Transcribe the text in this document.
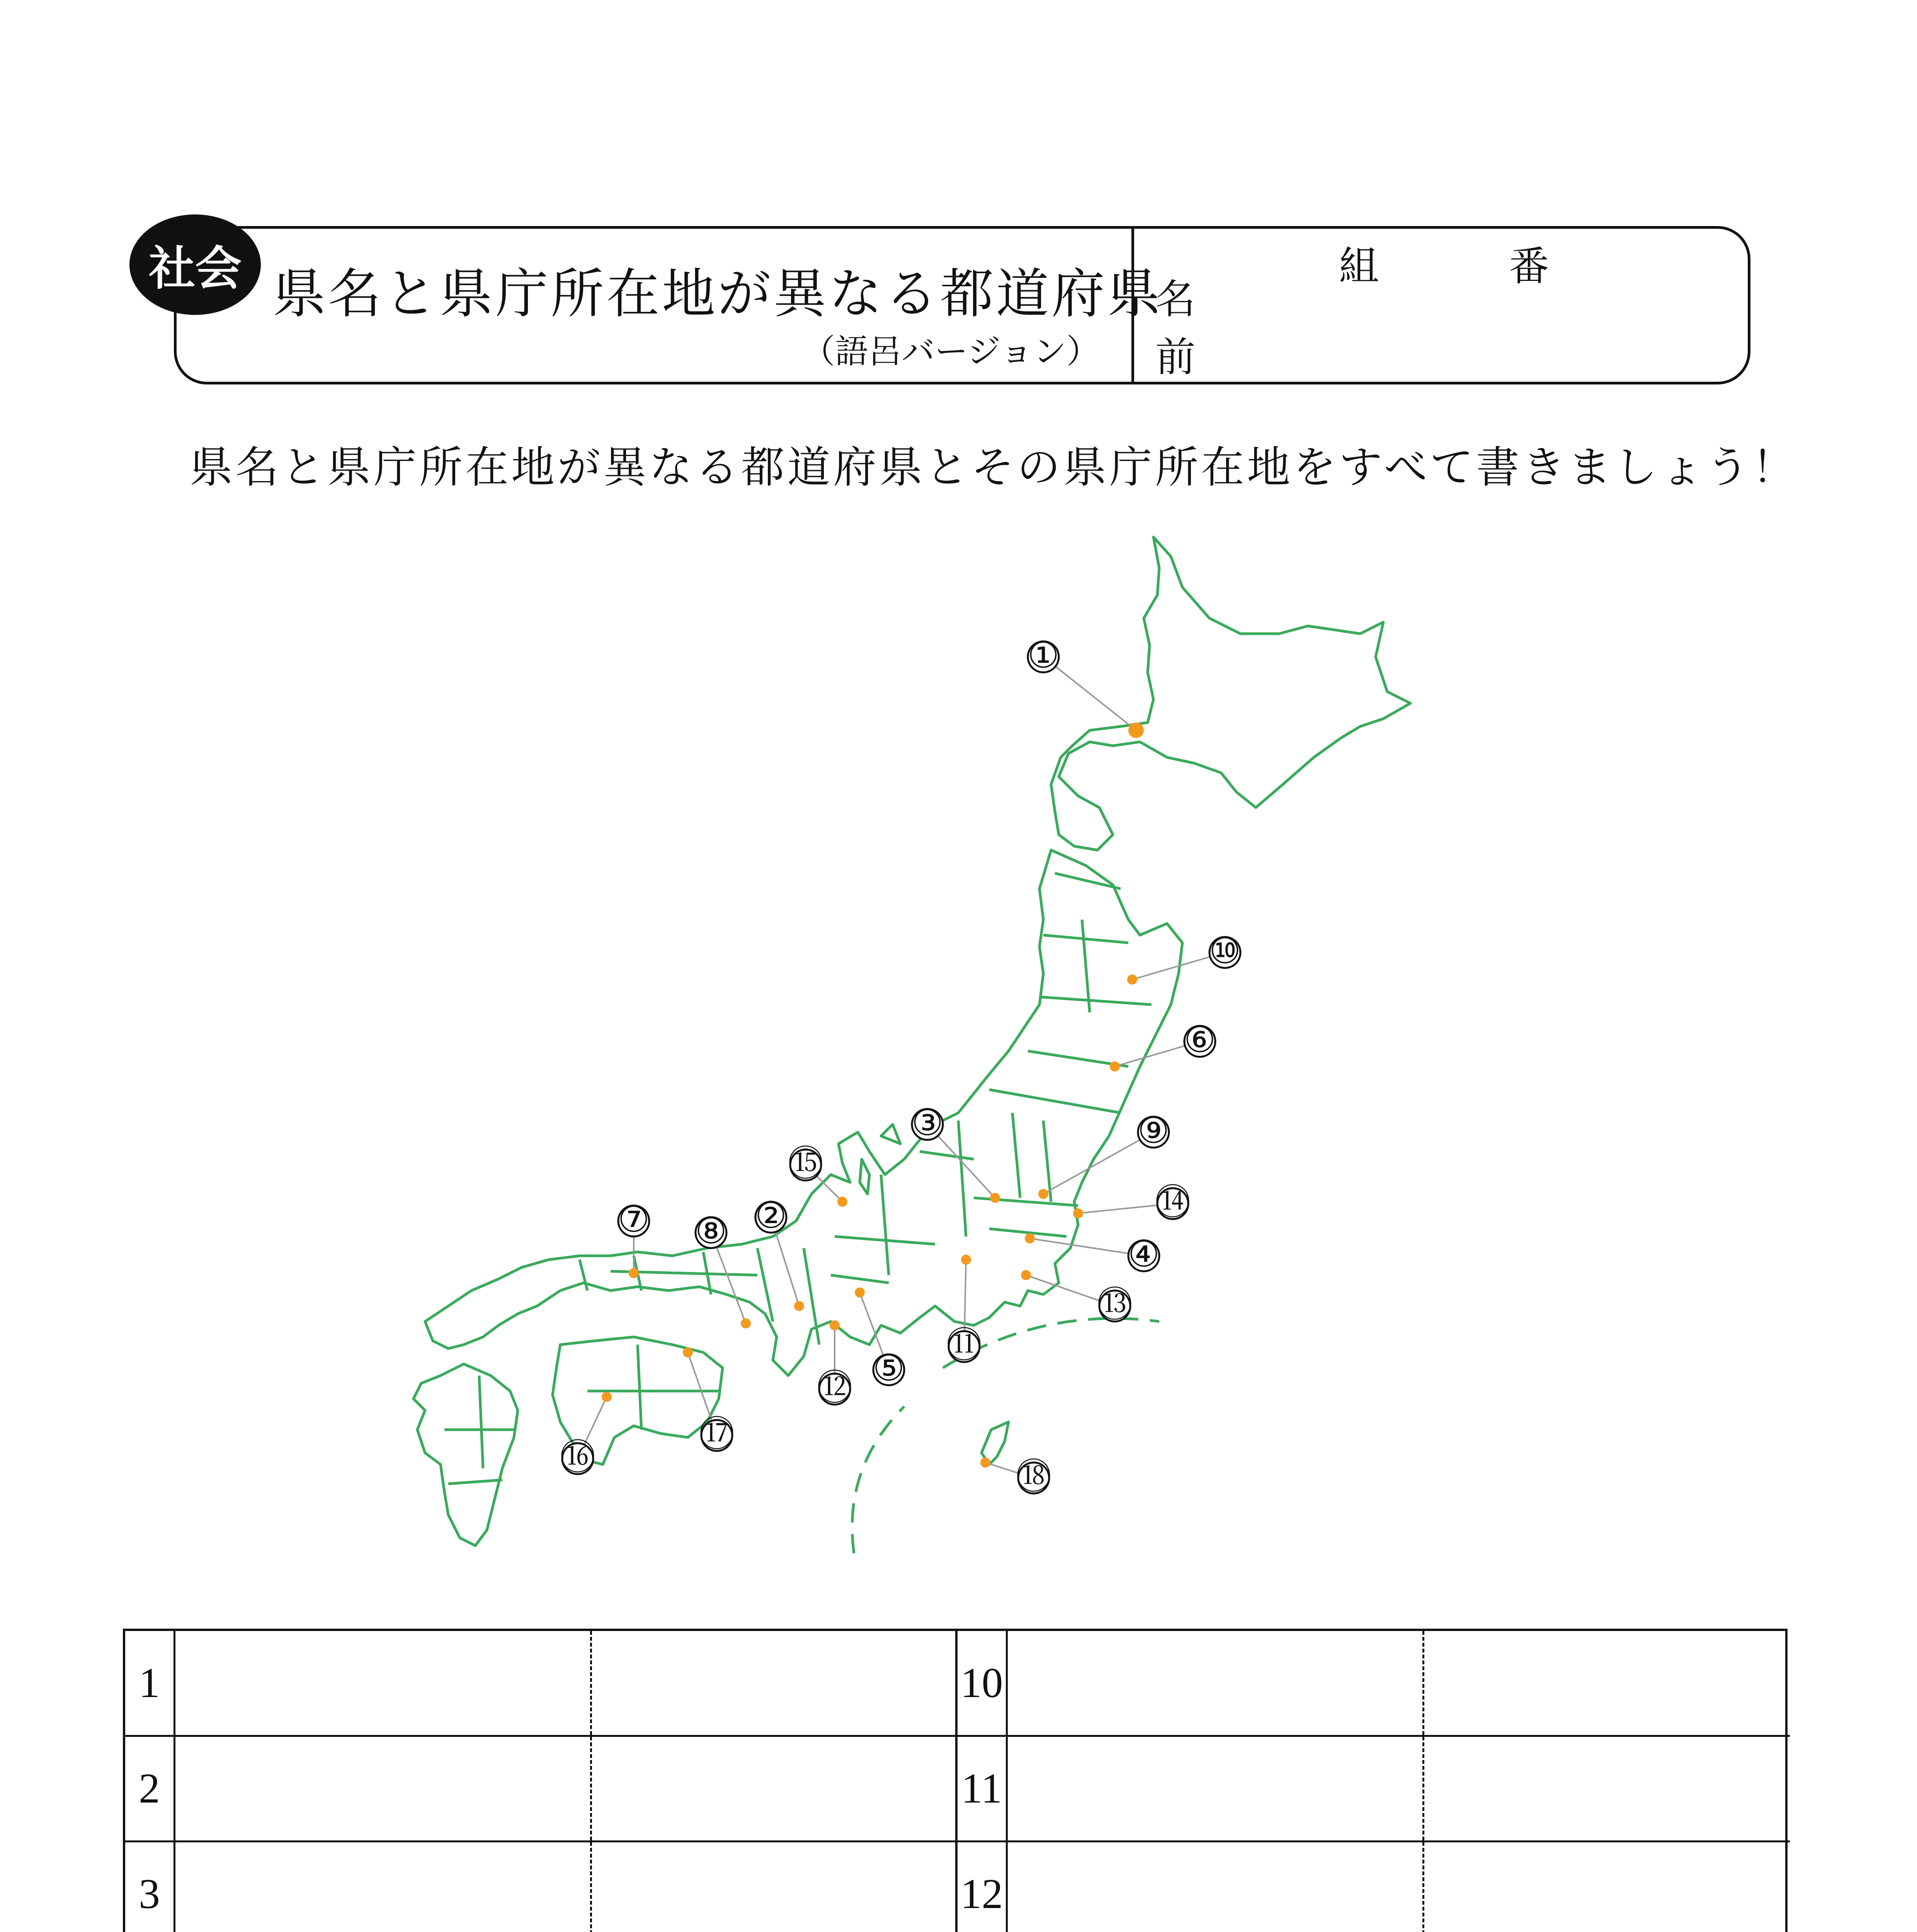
社会 県名と県庁所在地が異なる都道府県
（語呂バージョン）
名
前
組	番
県名と県庁所在地が異なる都道府県とその県庁所在地をすべて書きましょう！
①
②
③
④
⑤
⑥
⑦ ⑧
⑨
⑩
⑪
⑫
⑬
⑭
⑮
⑯
⑰
⑱
1
2
3
10
11
12
